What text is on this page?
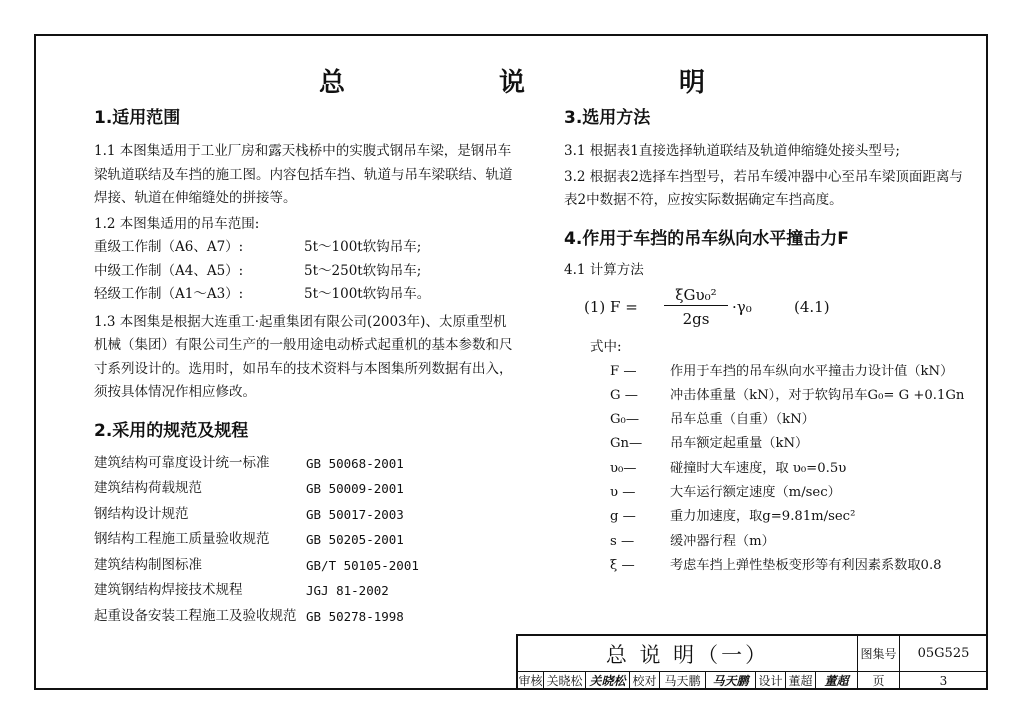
总　说　明
1.适用范围

1.1 本图集适用于工业厂房和露天栈桥中的实腹式钢吊车梁，是钢吊车梁轨道联结及车挡的施工图。内容包括车挡、轨道与吊车梁联结、轨道焊接、轨道在伸缩缝处的拼接等。

1.2 本图集适用的吊车范围:

重级工作制（A6、A7）:	5t～100t软钩吊车;
中级工作制（A4、A5）:	5t～250t软钩吊车;
轻级工作制（A1～A3）:	5t～100t软钩吊车。

1.3 本图集是根据大连重工·起重集团有限公司(2003年)、太原重型机机械（集团）有限公司生产的一般用途电动桥式起重机的基本参数和尺寸系列设计的。选用时，如吊车的技术资料与本图集所列数据有出入，须按具体情况作相应修改。

2.采用的规范及规程
建筑结构可靠度设计统一标准	GB 50068-2001
建筑结构荷载规范	GB 50009-2001
钢结构设计规范	GB 50017-2003
钢结构工程施工质量验收规范	GB 50205-2001
建筑结构制图标准	GB/T 50105-2001
建筑钢结构焊接技术规程	JGJ 81-2002
起重设备安装工程施工及验收规范 GB 50278-1998
3.选用方法

3.1 根据表1直接选择轨道联结及轨道伸缩缝处接头型号;

3.2 根据表2选择车挡型号，若吊车缓冲器中心至吊车梁顶面距离与表2中数据不符，应按实际数据确定车挡高度。

4.作用于车挡的吊车纵向水平撞击力F

4.1 计算方法

(1) F =
ξGυ₀²
2gs
·γ₀	(4.1)

式中:

F —	作用于车挡的吊车纵向水平撞击力设计值（kN）
G —	冲击体重量（kN），对于软钩吊车G₀= G +0.1Gn
G₀—	吊车总重（自重）（kN）
Gn—	吊车额定起重量（kN）
υ₀—	碰撞时大车速度，取 υ₀=0.5υ
υ —	大车运行额定速度（m/sec）
g —	重力加速度，取g=9.81m/sec²
s —	缓冲器行程（m）
ξ —	考虑车挡上弹性垫板变形等有利因素系数取0.8
总 说 明（一）	图集号	05G525
审核 关晓松 关晓松 校对 马天鹏 马天鹏 设计 董超 董超	页	3
